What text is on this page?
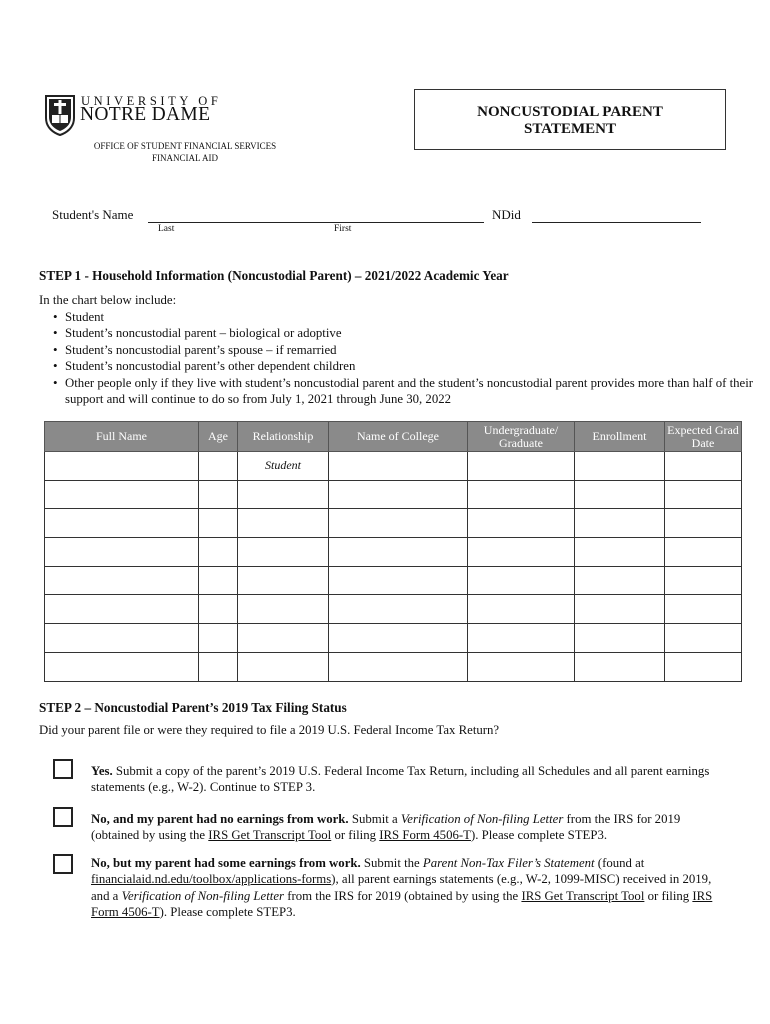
UNIVERSITY OF
NOTRE DAME
OFFICE OF STUDENT FINANCIAL SERVICES
FINANCIAL AID
NONCUSTODIAL PARENT
STATEMENT
Student's Name
Last	First
NDid
STEP 1 - Household Information (Noncustodial Parent) – 2021/2022 Academic Year
In the chart below include:
• Student
• Student’s noncustodial parent – biological or adoptive
• Student’s noncustodial parent’s spouse – if remarried
• Student’s noncustodial parent’s other dependent children
• Other people only if they live with student’s noncustodial parent and the student’s noncustodial parent provides more than half of their support and will continue to do so from July 1, 2021 through June 30, 2022
Full Name	Age	Relationship	Name of College	Undergraduate/ Graduate	Enrollment	Expected Grad Date
		Student				

STEP 2 – Noncustodial Parent’s 2019 Tax Filing Status
Did your parent file or were they required to file a 2019 U.S. Federal Income Tax Return?
Yes. Submit a copy of the parent’s 2019 U.S. Federal Income Tax Return, including all Schedules and all parent earnings statements (e.g., W-2). Continue to STEP 3.
No, and my parent had no earnings from work. Submit a Verification of Non-filing Letter from the IRS for 2019 (obtained by using the IRS Get Transcript Tool or filing IRS Form 4506-T). Please complete STEP3.
No, but my parent had some earnings from work. Submit the Parent Non-Tax Filer’s Statement (found at financialaid.nd.edu/toolbox/applications-forms), all parent earnings statements (e.g., W-2, 1099-MISC) received in 2019, and a Verification of Non-filing Letter from the IRS for 2019 (obtained by using the IRS Get Transcript Tool or filing IRS Form 4506-T). Please complete STEP3.
